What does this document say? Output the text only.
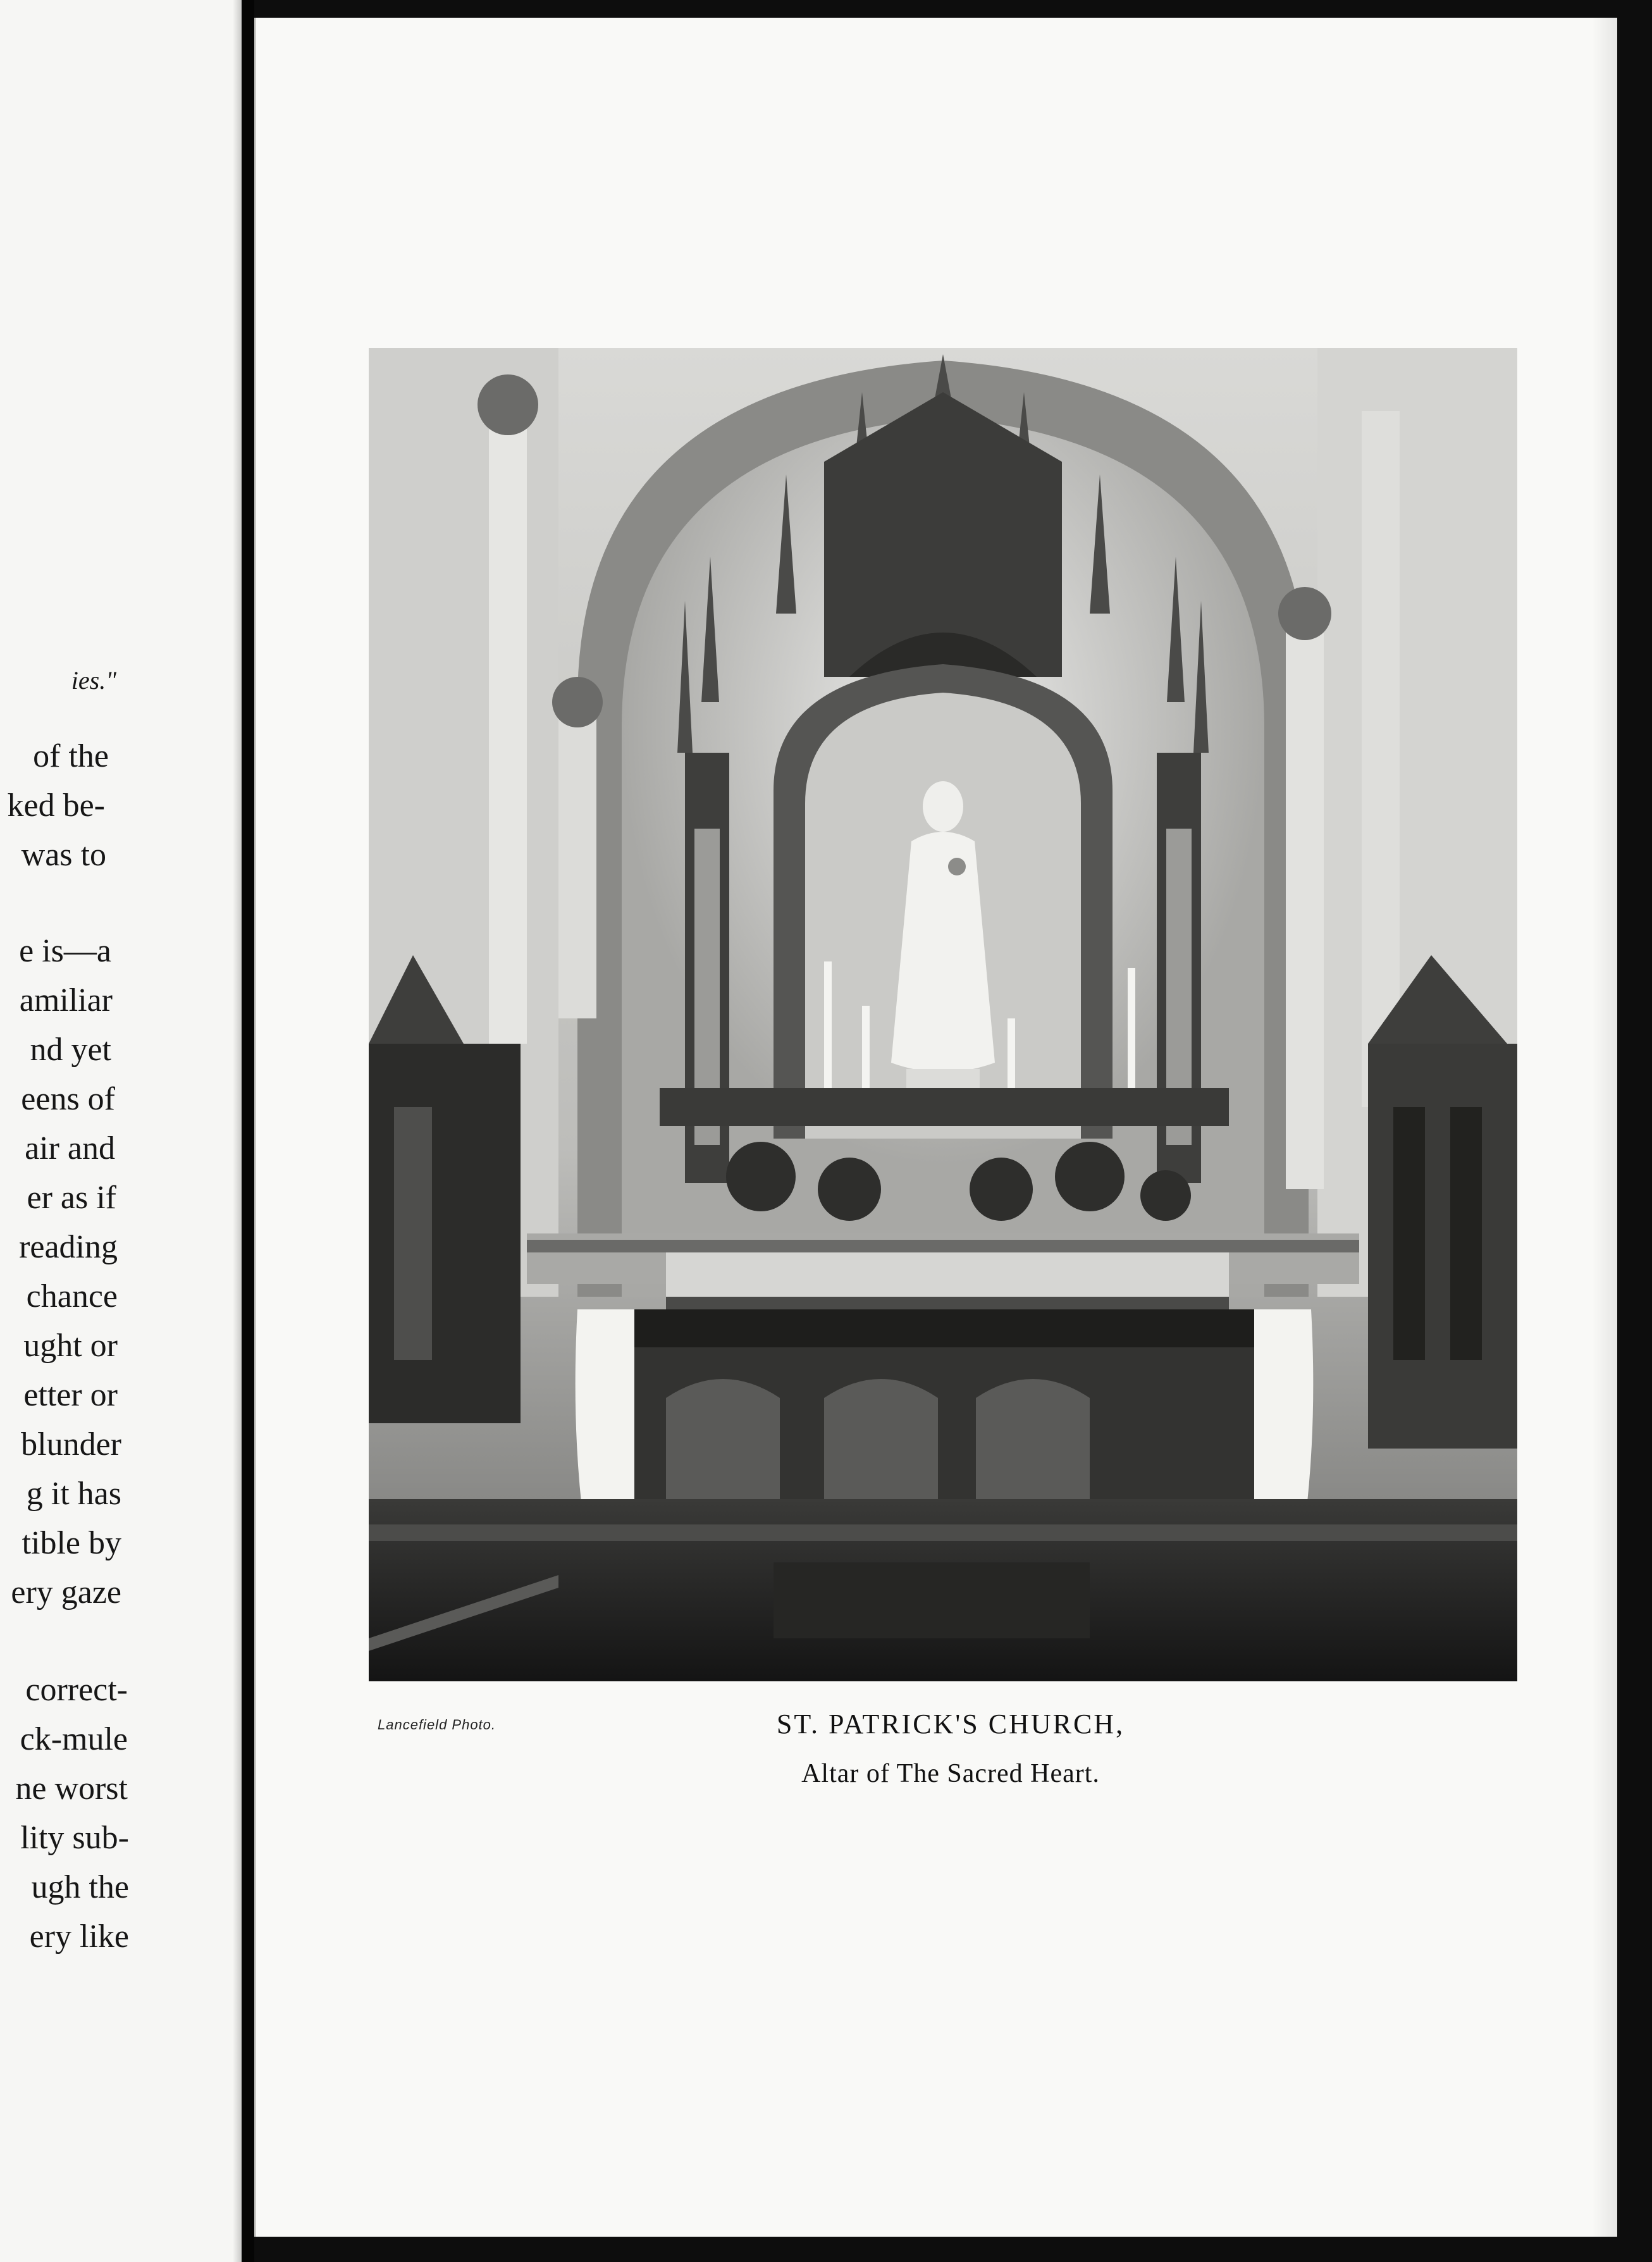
ies."
of the
ked be-
was to
e is—a
amiliar
nd yet
eens of
air and
er as if
reading
chance
ught or
etter or
blunder
g it has
tible by
ery gaze
correct-
ck-mule
ne worst
lity sub-
ugh the
ery like
Lancefield Photo.	ST. PATRICK'S CHURCH,
Altar of The Sacred Heart.
